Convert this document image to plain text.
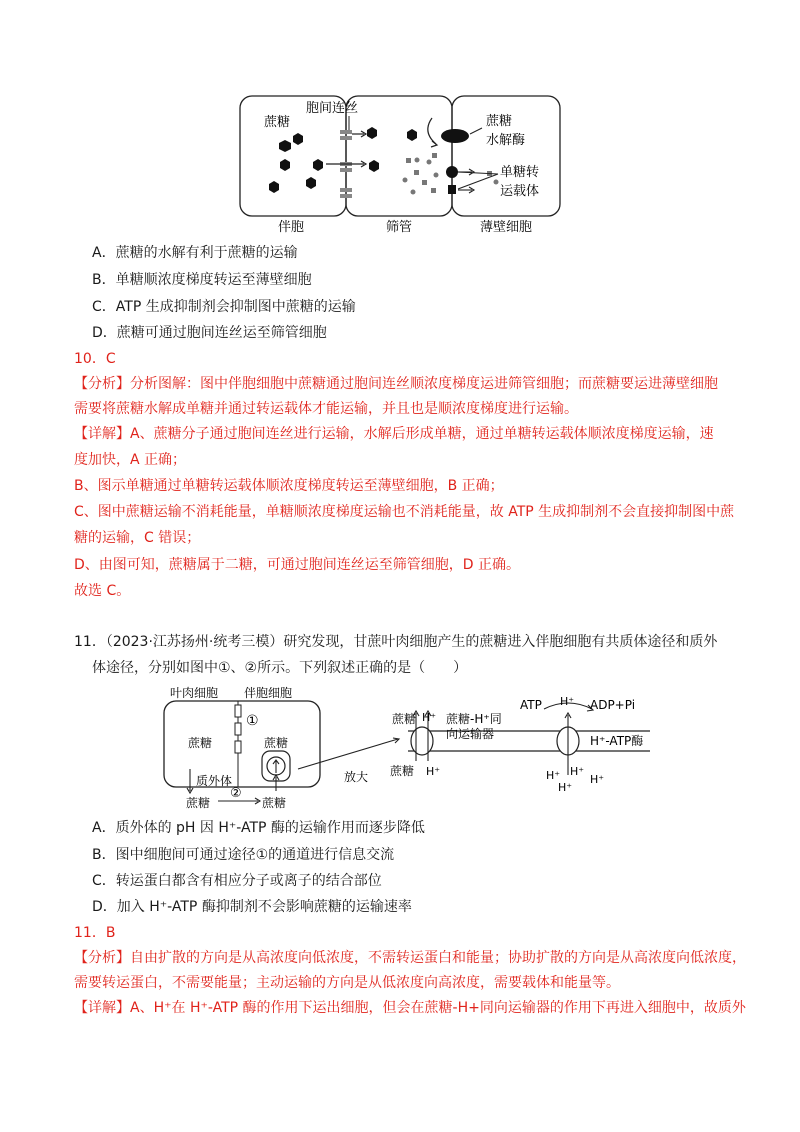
蔗糖
胞间连丝
蔗糖
水解酶
单糖转
运载体
伴胞	筛管	薄壁细胞
A．蔗糖的水解有利于蔗糖的运输
B．单糖顺浓度梯度转运至薄壁细胞
C．ATP 生成抑制剂会抑制图中蔗糖的运输
D．蔗糖可通过胞间连丝运至筛管细胞
10．C
【分析】分析图解：图中伴胞细胞中蔗糖通过胞间连丝顺浓度梯度运进筛管细胞；而蔗糖要运进薄壁细胞
需要将蔗糖水解成单糖并通过转运载体才能运输，并且也是顺浓度梯度进行运输。
【详解】A、蔗糖分子通过胞间连丝进行运输，水解后形成单糖，通过单糖转运载体顺浓度梯度运输，速
度加快，A 正确；
B、图示单糖通过单糖转运载体顺浓度梯度转运至薄壁细胞，B 正确；
C、图中蔗糖运输不消耗能量，单糖顺浓度梯度运输也不消耗能量，故 ATP 生成抑制剂不会直接抑制图中蔗
糖的运输，C 错误；
D、由图可知，蔗糖属于二糖，可通过胞间连丝运至筛管细胞，D 正确。
故选 C。
11．（2023·江苏扬州·统考三模）研究发现，甘蔗叶肉细胞产生的蔗糖进入伴胞细胞有共质体途径和质外
体途径，分别如图中①、②所示。下列叙述正确的是（　　）
叶肉细胞 伴胞细胞
①
蔗糖	蔗糖
质外体
②
蔗糖	蔗糖
放大
蔗糖 H⁺ 蔗糖-H⁺同
向运输器
蔗糖 H⁺
ATP H⁺ ADP+Pi
H⁺-ATP酶
H⁺ H⁺
H⁺
H⁺
A．质外体的 pH 因 H⁺-ATP 酶的运输作用而逐步降低
B．图中细胞间可通过途径①的通道进行信息交流
C．转运蛋白都含有相应分子或离子的结合部位
D．加入 H⁺-ATP 酶抑制剂不会影响蔗糖的运输速率
11．B
【分析】自由扩散的方向是从高浓度向低浓度，不需转运蛋白和能量；协助扩散的方向是从高浓度向低浓度，
需要转运蛋白，不需要能量；主动运输的方向是从低浓度向高浓度，需要载体和能量等。
【详解】A、H⁺在 H⁺-ATP 酶的作用下运出细胞，但会在蔗糖-H+同向运输器的作用下再进入细胞中，故质外
